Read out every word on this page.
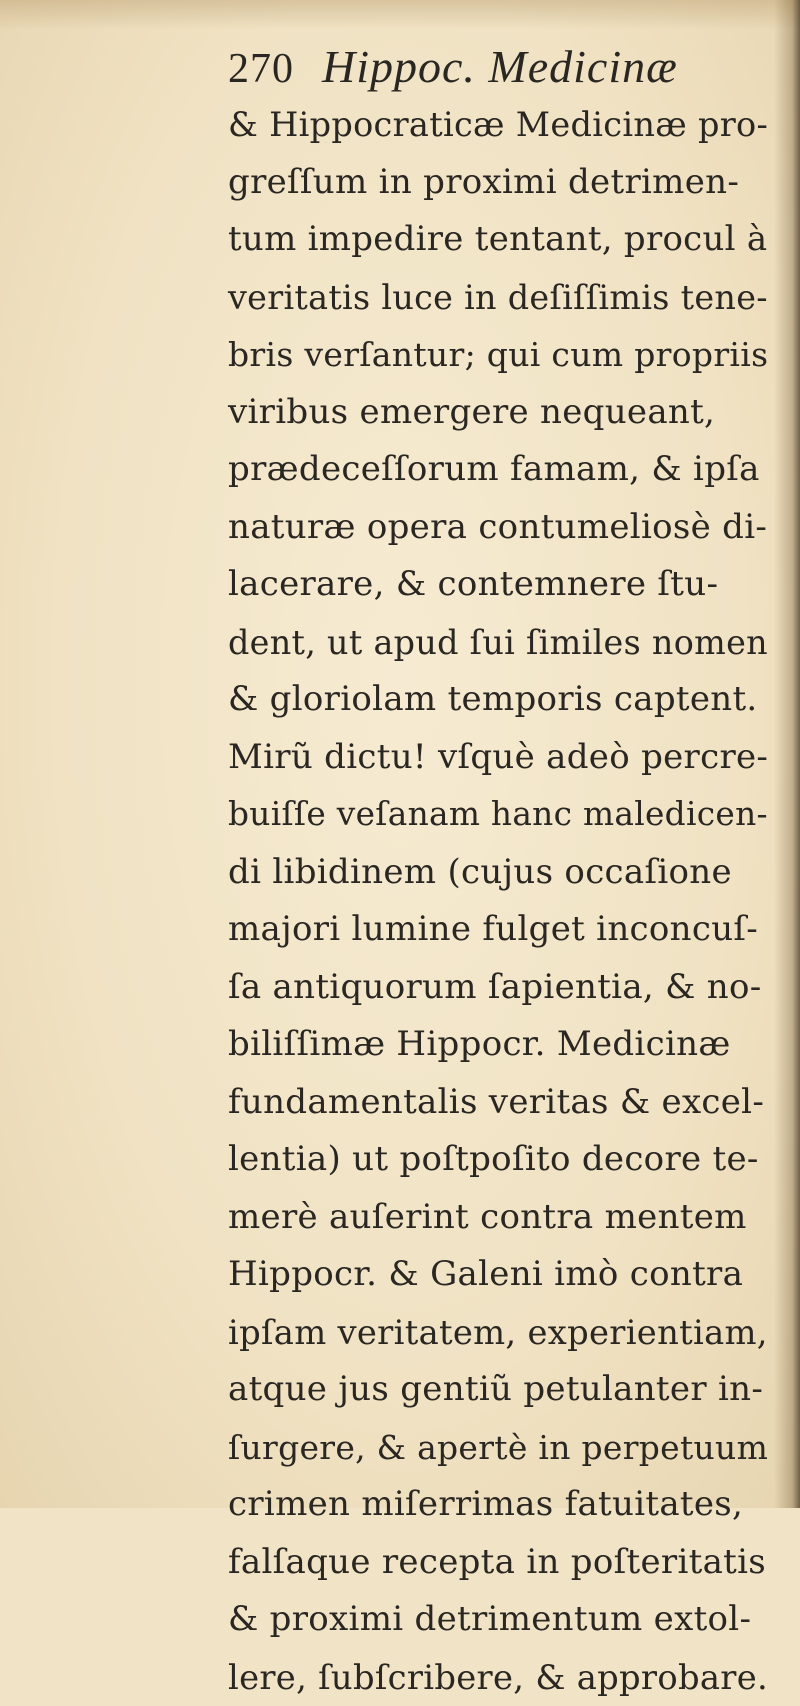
270 Hippoc. Medicinæ
& Hippocraticæ Medicinæ pro-
greſſum in proximi detrimen-
tum impedire tentant, procul à
veritatis luce in deſiſſimis tene-
bris verſantur; qui cum propriis
viribus emergere nequeant,
prædeceſſorum famam, & ipſa
naturæ opera contumeliosè di-
lacerare, & contemnere ſtu-
dent, ut apud ſui ſimiles nomen
& gloriolam temporis captent.
Mirũ dictu! vſquè adeò percre-
buiſſe veſanam hanc maledicen-
di libidinem (cujus occaſione
majori lumine fulget inconcuſ-
ſa antiquorum ſapientia, & no-
biliſſimæ Hippocr. Medicinæ
fundamentalis veritas & excel-
lentia) ut poſtpoſito decore te-
merè auſerint contra mentem
Hippocr. & Galeni imò contra
ipſam veritatem, experientiam,
atque jus gentiũ petulanter in-
ſurgere, & apertè in perpetuum
crimen miſerrimas fatuitates,
falſaque recepta in poſteritatis
& proximi detrimentum extol-
lere, ſubſcribere, & approbare.
